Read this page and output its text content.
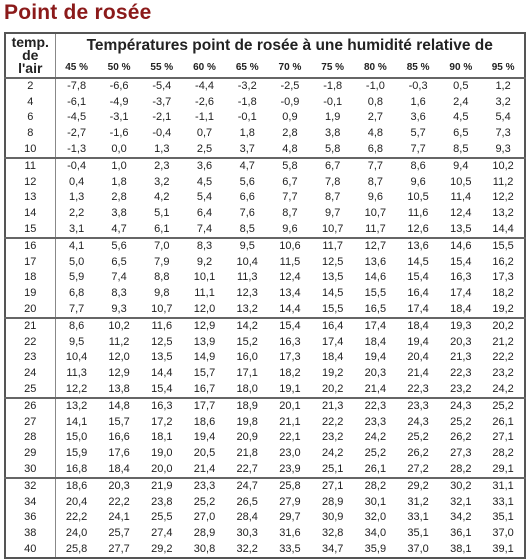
Point de rosée
temp.
de
l'air	Températures point de rosée à une humidité relative de										
	45 %	50 %	55 %	60 %	65 %	70 %	75 %	80 %	85 %	90 %	95 %
2	-7,8	-6,6	-5,4	-4,4	-3,2	-2,5	-1,8	-1,0	-0,3	0,5	1,2
4	-6,1	-4,9	-3,7	-2,6	-1,8	-0,9	-0,1	0,8	1,6	2,4	3,2
6	-4,5	-3,1	-2,1	-1,1	-0,1	0,9	1,9	2,7	3,6	4,5	5,4
8	-2,7	-1,6	-0,4	0,7	1,8	2,8	3,8	4,8	5,7	6,5	7,3
10	-1,3	0,0	1,3	2,5	3,7	4,8	5,8	6,8	7,7	8,5	9,3
11	-0,4	1,0	2,3	3,6	4,7	5,8	6,7	7,7	8,6	9,4	10,2
12	0,4	1,8	3,2	4,5	5,6	6,7	7,8	8,7	9,6	10,5	11,2
13	1,3	2,8	4,2	5,4	6,6	7,7	8,7	9,6	10,5	11,4	12,2
14	2,2	3,8	5,1	6,4	7,6	8,7	9,7	10,7	11,6	12,4	13,2
15	3,1	4,7	6,1	7,4	8,5	9,6	10,7	11,7	12,6	13,5	14,4
16	4,1	5,6	7,0	8,3	9,5	10,6	11,7	12,7	13,6	14,6	15,5
17	5,0	6,5	7,9	9,2	10,4	11,5	12,5	13,6	14,5	15,4	16,2
18	5,9	7,4	8,8	10,1	11,3	12,4	13,5	14,6	15,4	16,3	17,3
19	6,8	8,3	9,8	11,1	12,3	13,4	14,5	15,5	16,4	17,4	18,2
20	7,7	9,3	10,7	12,0	13,2	14,4	15,5	16,5	17,4	18,4	19,2
21	8,6	10,2	11,6	12,9	14,2	15,4	16,4	17,4	18,4	19,3	20,2
22	9,5	11,2	12,5	13,9	15,2	16,3	17,4	18,4	19,4	20,3	21,2
23	10,4	12,0	13,5	14,9	16,0	17,3	18,4	19,4	20,4	21,3	22,2
24	11,3	12,9	14,4	15,7	17,1	18,2	19,2	20,3	21,4	22,3	23,2
25	12,2	13,8	15,4	16,7	18,0	19,1	20,2	21,4	22,3	23,2	24,2
26	13,2	14,8	16,3	17,7	18,9	20,1	21,3	22,3	23,3	24,3	25,2
27	14,1	15,7	17,2	18,6	19,8	21,1	22,2	23,3	24,3	25,2	26,1
28	15,0	16,6	18,1	19,4	20,9	22,1	23,2	24,2	25,2	26,2	27,1
29	15,9	17,6	19,0	20,5	21,8	23,0	24,2	25,2	26,2	27,3	28,2
30	16,8	18,4	20,0	21,4	22,7	23,9	25,1	26,1	27,2	28,2	29,1
32	18,6	20,3	21,9	23,3	24,7	25,8	27,1	28,2	29,2	30,2	31,1
34	20,4	22,2	23,8	25,2	26,5	27,9	28,9	30,1	31,2	32,1	33,1
36	22,2	24,1	25,5	27,0	28,4	29,7	30,9	32,0	33,1	34,2	35,1
38	24,0	25,7	27,4	28,9	30,3	31,6	32,8	34,0	35,1	36,1	37,0
40	25,8	27,7	29,2	30,8	32,2	33,5	34,7	35,9	37,0	38,1	39,1
